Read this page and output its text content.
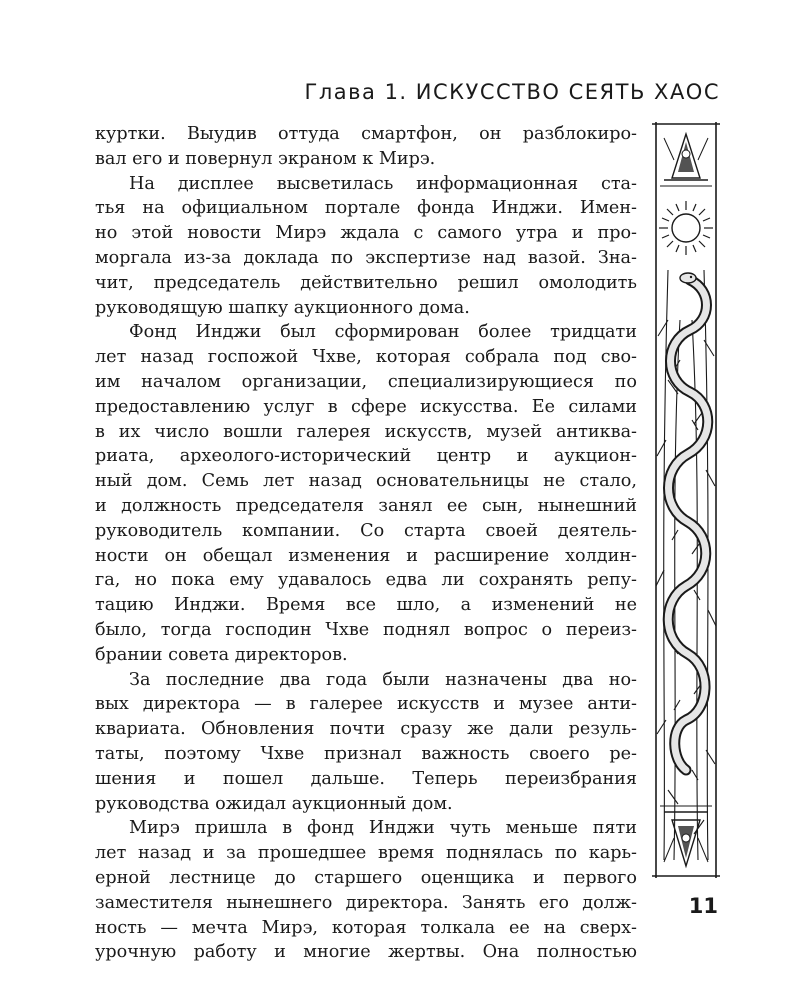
Глава 1. ИСКУССТВО СЕЯТЬ ХАОС
куртки. Выудив оттуда смартфон, он разблокиро-
вал его и повернул экраном к Мирэ.
На дисплее высветилась информационная ста-
тья на официальном портале фонда Инджи. Имен-
но этой новости Мирэ ждала с самого утра и про-
моргала из-за доклада по экспертизе над вазой. Зна-
чит, председатель действительно решил омолодить
руководящую шапку аукционного дома.
Фонд Инджи был сформирован более тридцати
лет назад госпожой Чхве, которая собрала под сво-
им началом организации, специализирующиеся по
предоставлению услуг в сфере искусства. Ее силами
в их число вошли галерея искусств, музей антиква-
риата, археолого-исторический центр и аукцион-
ный дом. Семь лет назад основательницы не стало,
и должность председателя занял ее сын, нынешний
руководитель компании. Со старта своей деятель-
ности он обещал изменения и расширение холдин-
га, но пока ему удавалось едва ли сохранять репу-
тацию Инджи. Время все шло, а изменений не
было, тогда господин Чхве поднял вопрос о переиз-
брании совета директоров.
За последние два года были назначены два но-
вых директора — в галерее искусств и музее анти-
квариата. Обновления почти сразу же дали резуль-
таты, поэтому Чхве признал важность своего ре-
шения и пошел дальше. Теперь переизбрания
руководства ожидал аукционный дом.
Мирэ пришла в фонд Инджи чуть меньше пяти
лет назад и за прошедшее время поднялась по карь-
ерной лестнице до старшего оценщика и первого
заместителя нынешнего директора. Занять его долж-
ность — мечта Мирэ, которая толкала ее на сверх-
урочную работу и многие жертвы. Она полностью
11
